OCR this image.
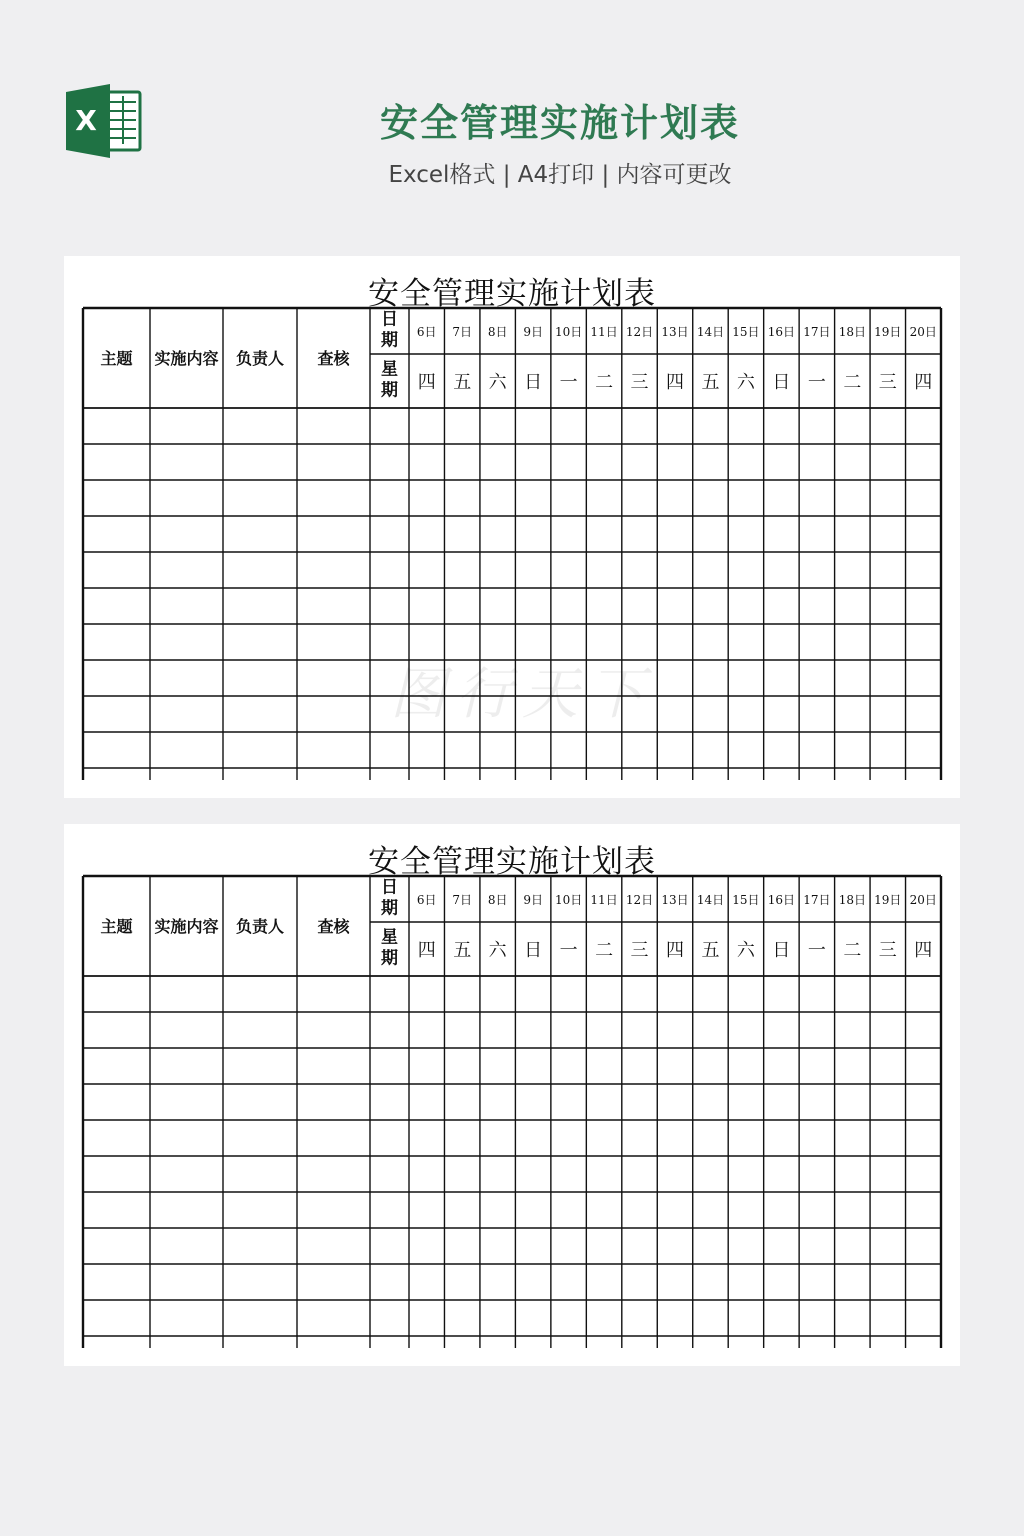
X	安全管理实施计划表
Excel格式 | A4打印 | 内容可更改
安全管理实施计划表
主题 实施内容 负责人 查核
日
期
星
期
6日
四
7日
五
8日
六
9日
日
10日
一
11日
二
12日
三
13日
四
14日
五
15日
六
16日
日
17日
一
18日
二
19日
三
20日
四
安全管理实施计划表
主题 实施内容 负责人 查核
日
期
星
期
6日
四
7日
五
8日
六
9日
日
10日
一
11日
二
12日
三
13日
四
14日
五
15日
六
16日
日
17日
一
18日
二
19日
三
20日
四
